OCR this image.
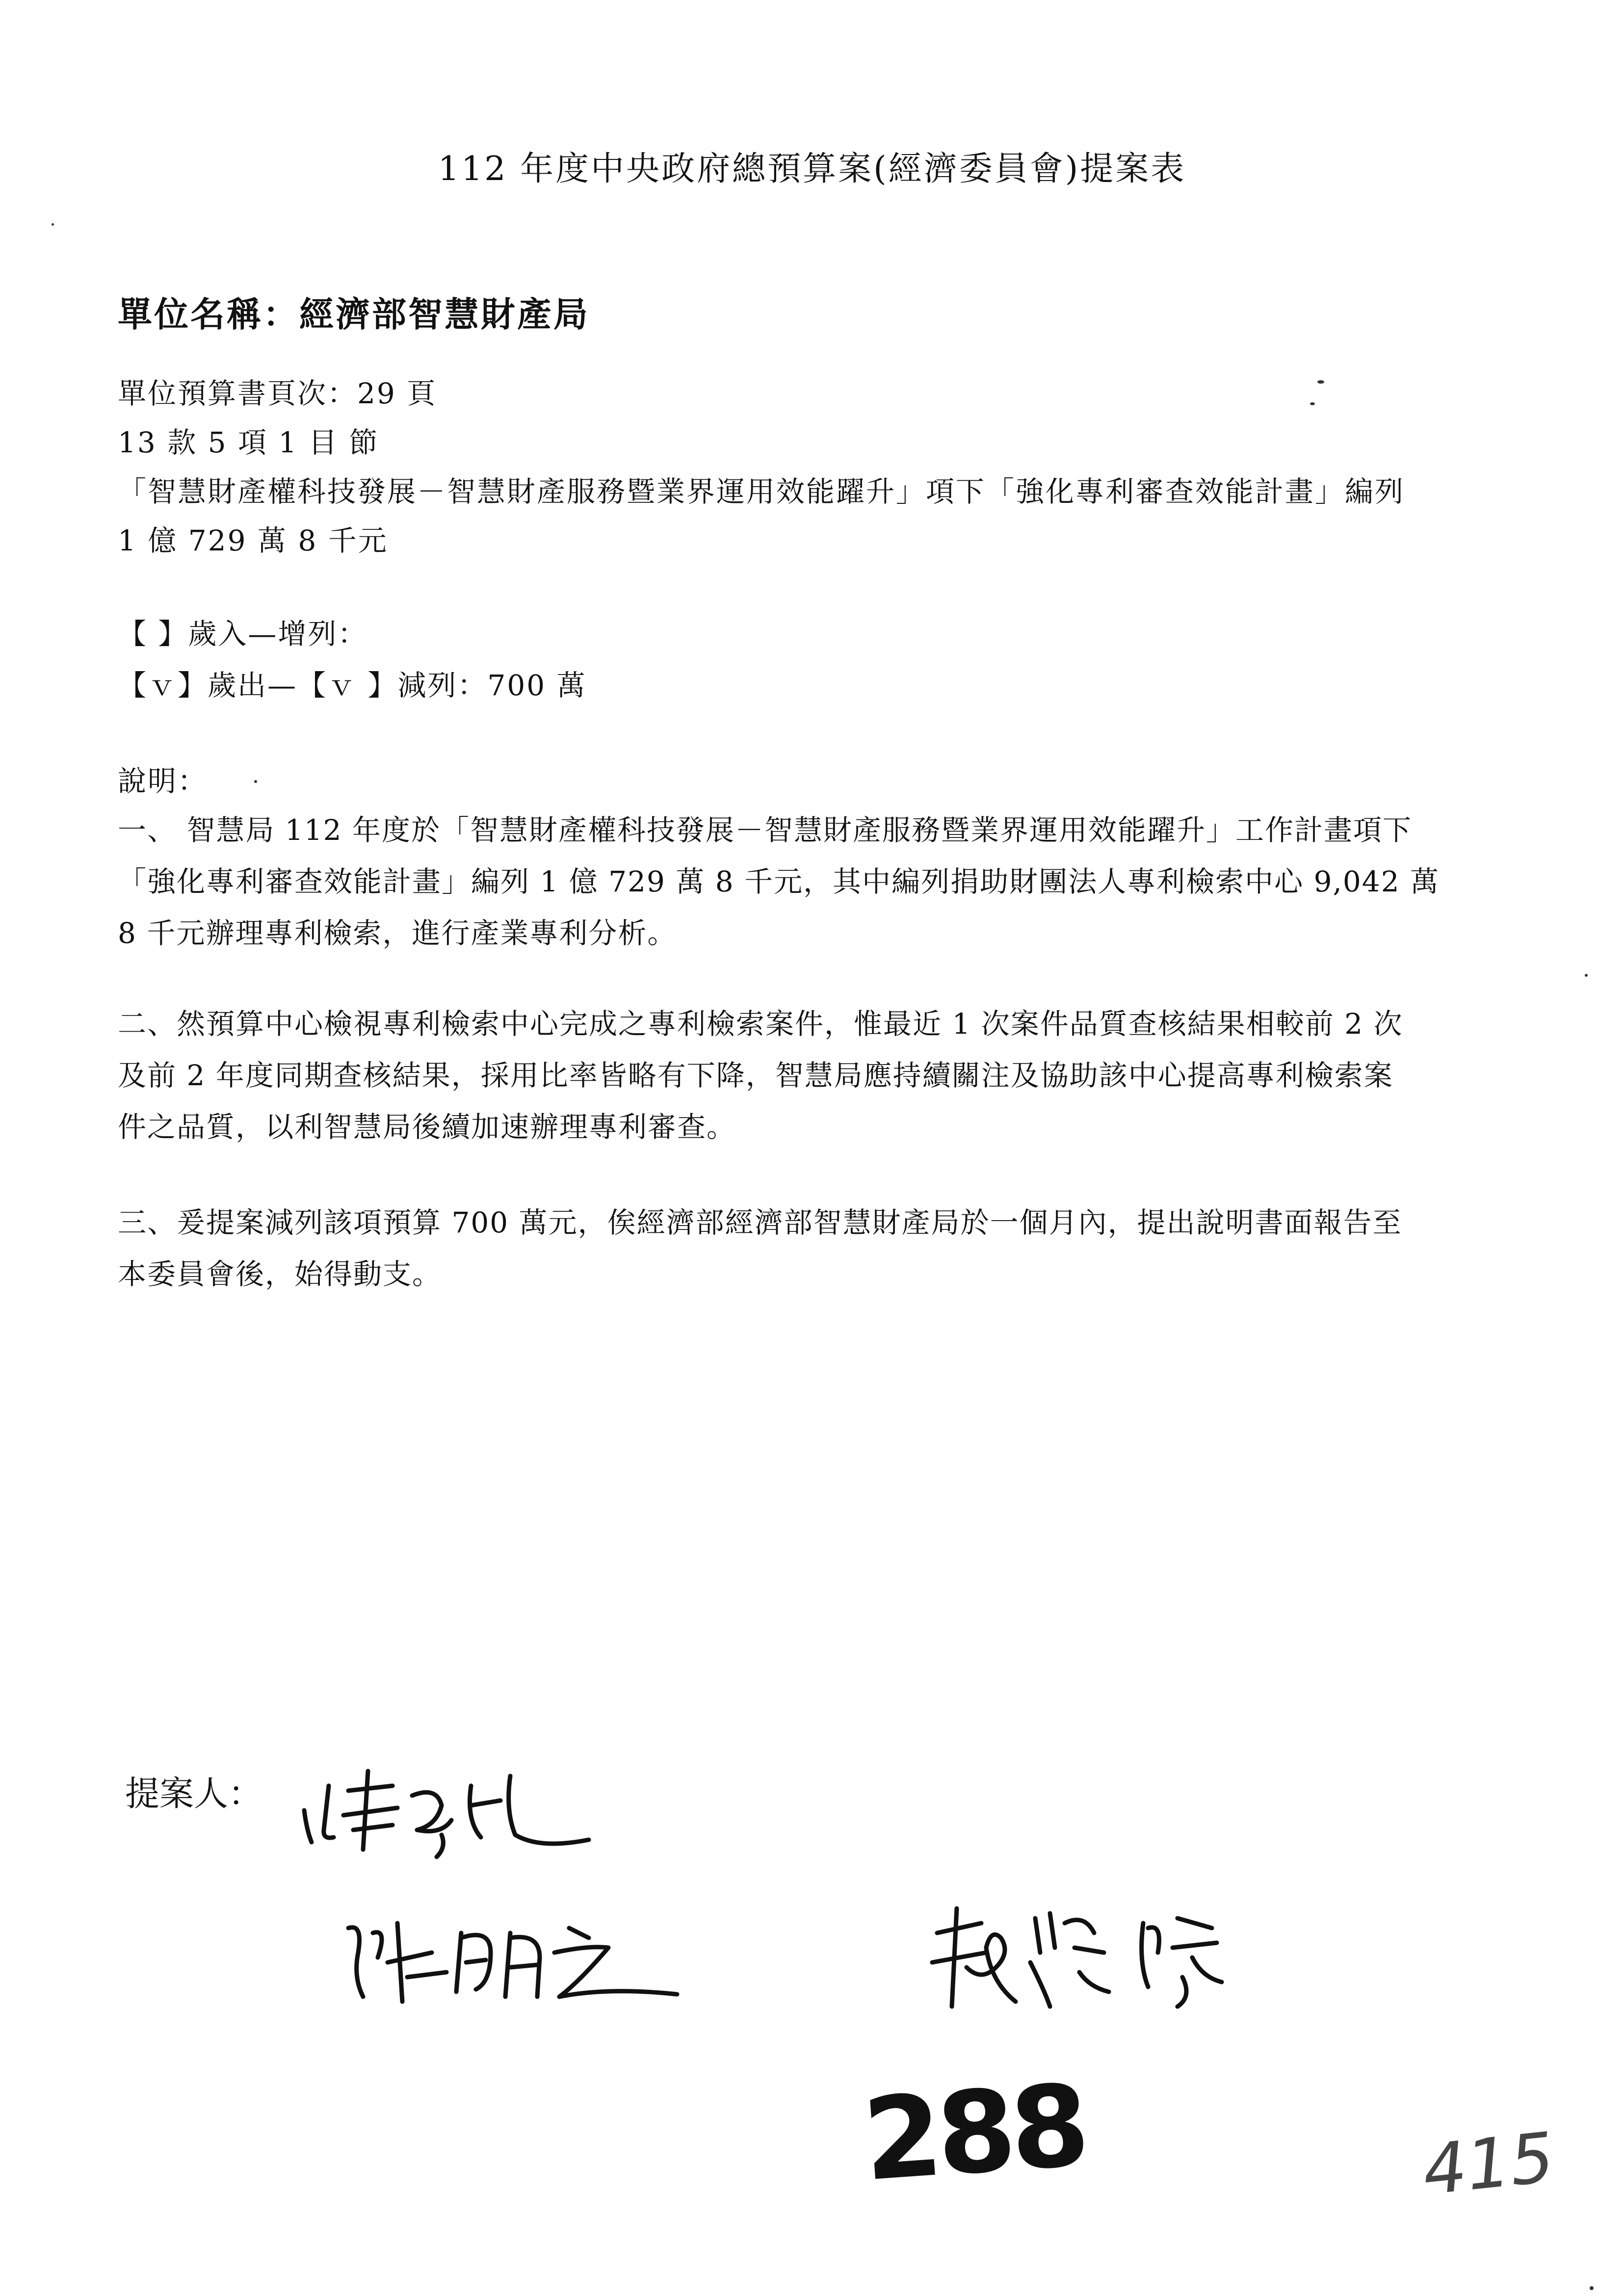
112 年度中央政府總預算案(經濟委員會)提案表
單位名稱：經濟部智慧財產局
單位預算書頁次：29 頁
13 款 5 項 1 目 節
「智慧財產權科技發展－智慧財產服務暨業界運用效能躍升」項下「強化專利審查效能計畫」編列
1 億 729 萬 8 千元
【 】歲入—增列：
【ｖ】歲出—【ｖ 】減列：700 萬
說明：
一、 智慧局 112 年度於「智慧財產權科技發展－智慧財產服務暨業界運用效能躍升」工作計畫項下
「強化專利審查效能計畫」編列 1 億 729 萬 8 千元，其中編列捐助財團法人專利檢索中心 9,042 萬
8 千元辦理專利檢索，進行產業專利分析。
二、然預算中心檢視專利檢索中心完成之專利檢索案件，惟最近 1 次案件品質查核結果相較前 2 次
及前 2 年度同期查核結果，採用比率皆略有下降，智慧局應持續關注及協助該中心提高專利檢索案
件之品質，以利智慧局後續加速辦理專利審查。
三、爰提案減列該項預算 700 萬元，俟經濟部經濟部智慧財產局於一個月內，提出說明書面報告至
本委員會後，始得動支。
提案人：
288	415
